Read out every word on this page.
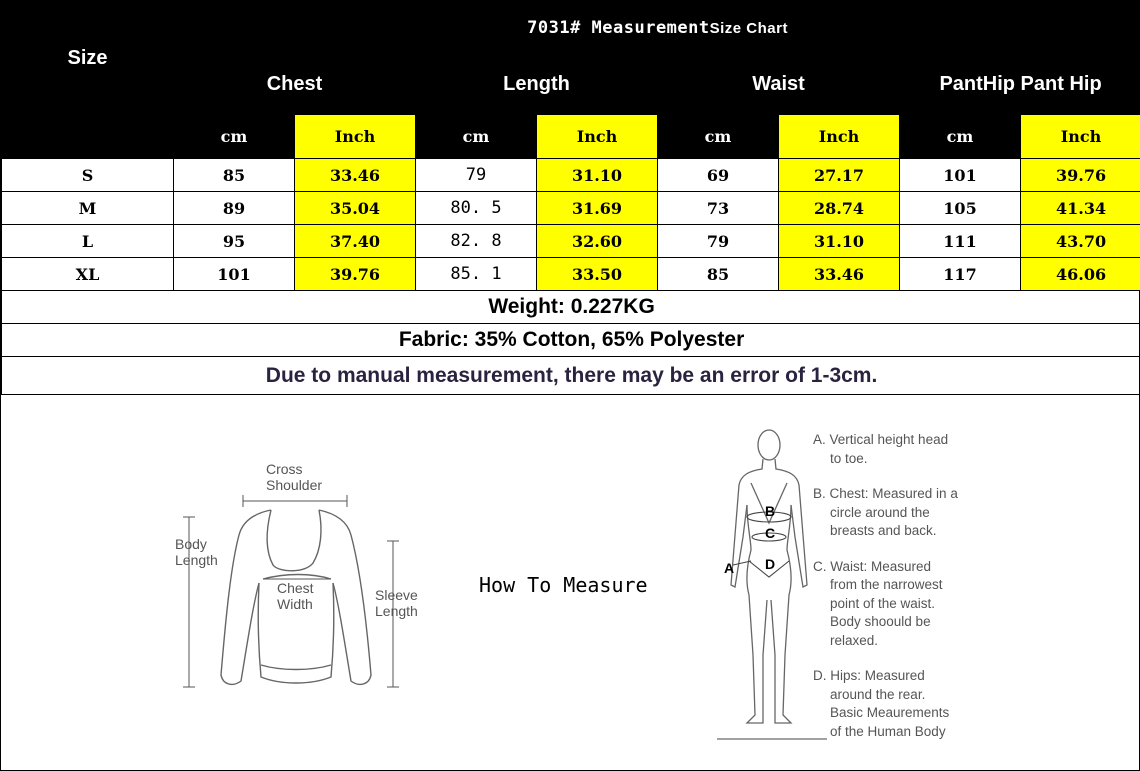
Size	7031# MeasurementSize Chart							
	Chest		Length		Waist		PantHip Pant Hip	
	cm	Inch	cm	Inch	cm	Inch	cm	Inch
S	85	33.46	79	31.10	69	27.17	101	39.76
M	89	35.04	80. 5	31.69	73	28.74	105	41.34
L	95	37.40	82. 8	32.60	79	31.10	111	43.70
XL	101	39.76	85. 1	33.50	85	33.46	117	46.06
Weight: 0.227KG								
Fabric: 35% Cotton, 65% Polyester								
Due to manual measurement, there may be an error of 1-3cm.								
Cross
Shoulder
Body
Length
Chest
Width
Sleeve
Length
How To Measure
A
B
C
D
A. Vertical height head
to toe.
B. Chest: Measured in a
circle around the
breasts and back.
C. Waist: Measured
from the narrowest
point of the waist.
Body shoould be
relaxed.
D. Hips: Measured
around the rear.
Basic Meaurements
of the Human Body
